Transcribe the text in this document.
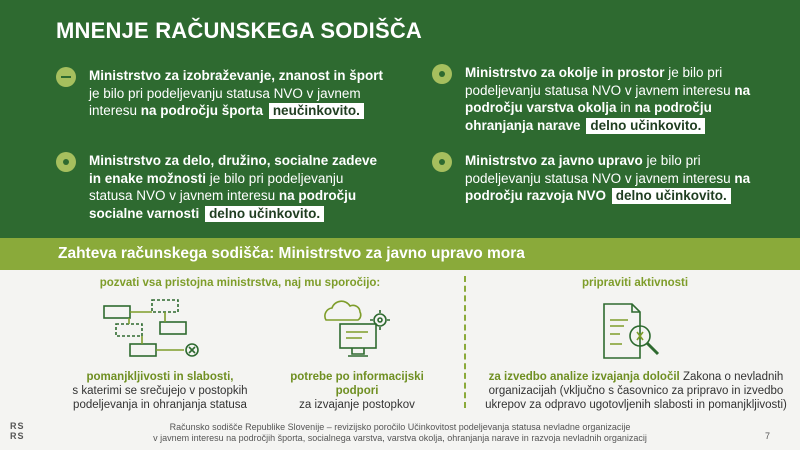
MNENJE RAČUNSKEGA SODIŠČA
Ministrstvo za izobraževanje, znanost in šport je bilo pri podeljevanju statusa NVO v javnem interesu na področju športa neučinkovito.
Ministrstvo za delo, družino, socialne zadeve in enake možnosti je bilo pri podeljevanju statusa NVO v javnem interesu na področju socialne varnosti delno učinkovito.
Ministrstvo za okolje in prostor je bilo pri podeljevanju statusa NVO v javnem interesu na področju varstva okolja in na področju ohranjanja narave delno učinkovito.
Ministrstvo za javno upravo je bilo pri podeljevanju statusa NVO v javnem interesu na področju razvoja NVO delno učinkovito.
Zahteva računskega sodišča: Ministrstvo za javno upravo mora
pozvati vsa pristojna ministrstva, naj mu sporočijo:
pomanjkljivosti in slabosti,
s katerimi se srečujejo v postopkih podeljevanja in ohranjanja statusa
potrebe po informacijski podpori
za izvajanje postopkov
pripraviti aktivnosti
za izvedbo analize izvajanja določil Zakona o nevladnih organizacijah (vključno s časovnico za pripravo in izvedbo ukrepov za odpravo ugotovljenih slabosti in pomanjkljivosti)
RS
RS
Računsko sodišče Republike Slovenije – revizijsko poročilo Učinkovitost podeljevanja statusa nevladne organizacije
v javnem interesu na področjih športa, socialnega varstva, varstva okolja, ohranjanja narave in razvoja nevladnih organizacij	7
